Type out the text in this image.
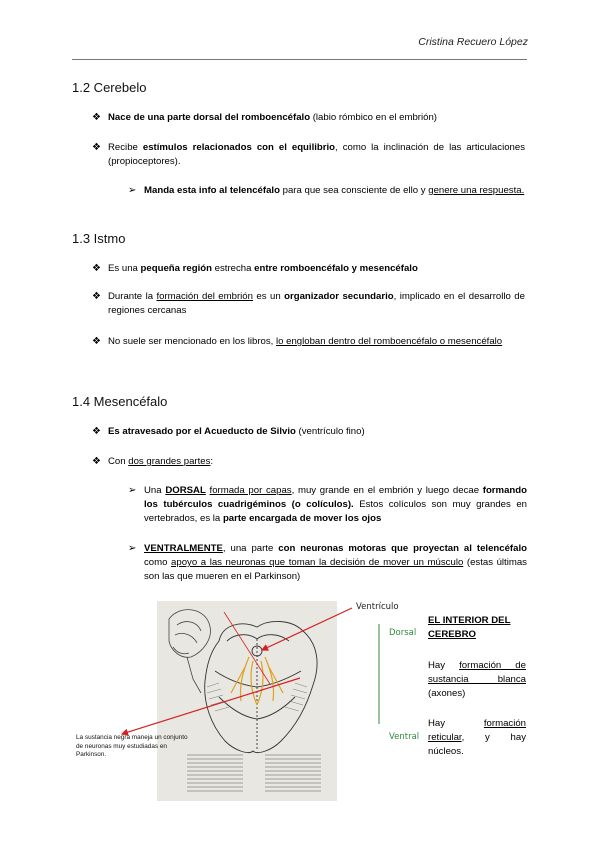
Cristina Recuero López
1.2 Cerebelo
❖ Nace de una parte dorsal del romboencéfalo (labio rómbico en el embrión)
❖ Recibe estímulos relacionados con el equilibrio, como la inclinación de las articulaciones (propioceptores).
➢ Manda esta info al telencéfalo para que sea consciente de ello y genere una respuesta.
1.3 Istmo
❖ Es una pequeña región estrecha entre romboencéfalo y mesencéfalo
❖ Durante la formación del embrión es un organizador secundario, implicado en el desarrollo de regiones cercanas
❖ No suele ser mencionado en los libros, lo engloban dentro del romboencéfalo o mesencéfalo
1.4 Mesencéfalo
❖ Es atravesado por el Acueducto de Silvio (ventrículo fino)
❖ Con dos grandes partes:
➢ Una DORSAL formada por capas, muy grande en el embrión y luego decae formando los tubérculos cuadrigéminos (o colículos). Estos colículos son muy grandes en vertebrados, es la parte encargada de mover los ojos
➢ VENTRALMENTE, una parte con neuronas motoras que proyectan al telencéfalo como apoyo a las neuronas que toman la decisión de mover un músculo (estas últimas son las que mueren en el Parkinson)
Ventrículo
Dorsal
Ventral
La sustancia negra maneja un conjunto de neuronas muy estudiadas en Parkinson.
EL INTERIOR DEL CEREBRO
Hay formación de sustancia blanca (axones)
Hay formación reticular, y hay núcleos.
